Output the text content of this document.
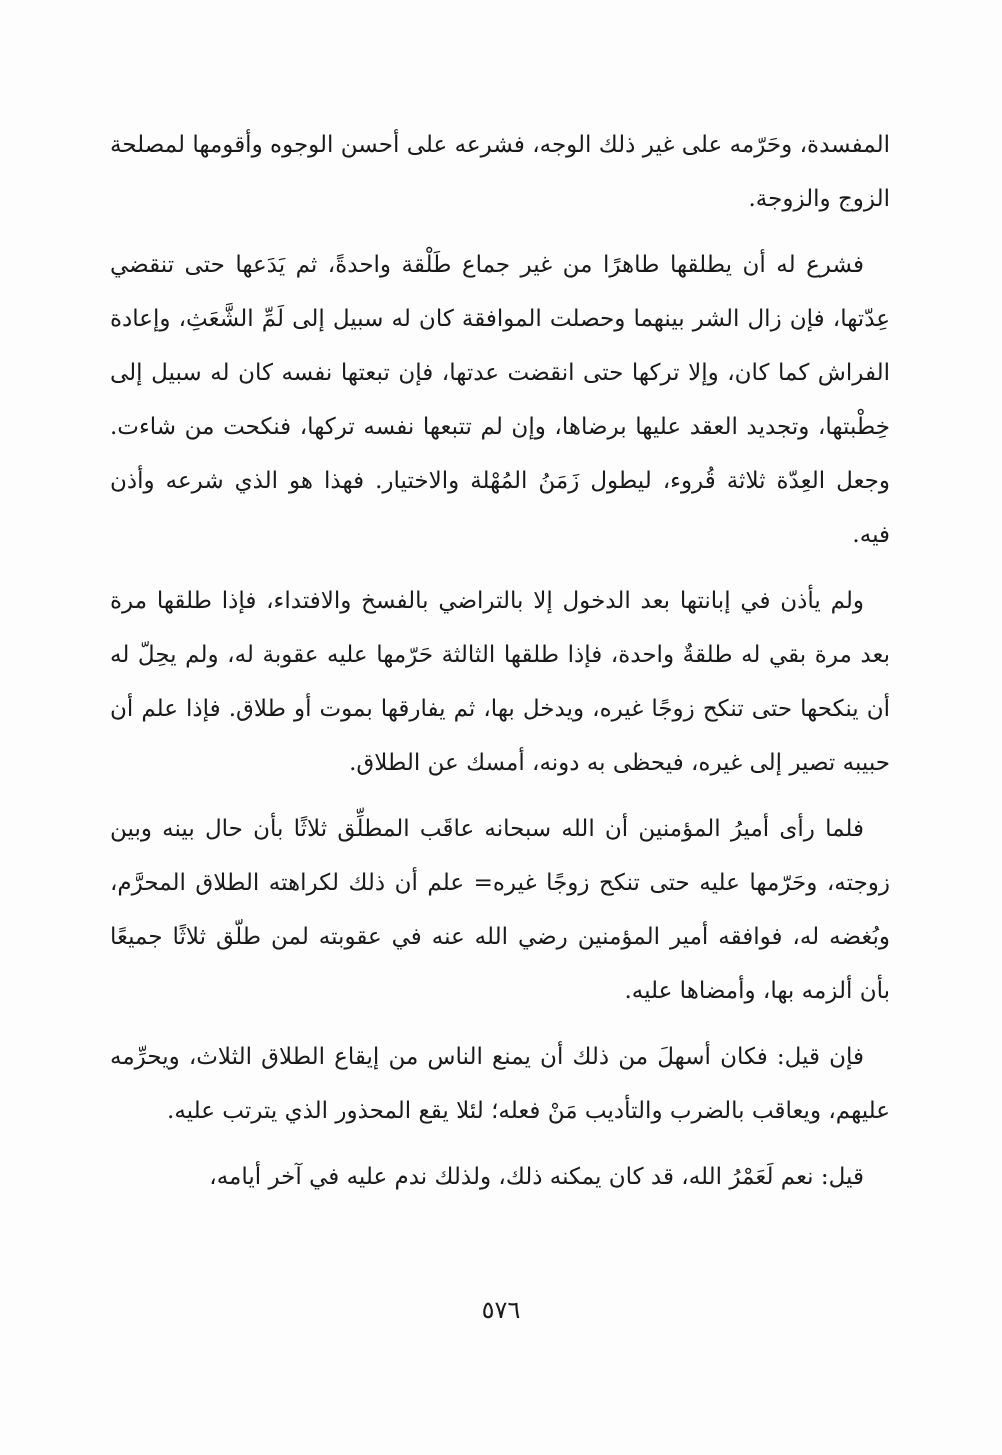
المفسدة، وحَرّمه على غير ذلك الوجه، فشرعه على أحسن الوجوه وأقومها لمصلحة الزوج والزوجة.

فشرع له أن يطلقها طاهرًا من غير جماع طَلْقة واحدةً، ثم يَدَعها حتى تنقضي عِدّتها، فإن زال الشر بينهما وحصلت الموافقة كان له سبيل إلى لَمِّ الشَّعَثِ، وإعادة الفراش كما كان، وإلا تركها حتى انقضت عدتها، فإن تبعتها نفسه كان له سبيل إلى خِطْبتها، وتجديد العقد عليها برضاها، وإن لم تتبعها نفسه تركها، فنكحت من شاءت. وجعل العِدّة ثلاثة قُروء، ليطول زَمَنُ المُهْلة والاختيار. فهذا هو الذي شرعه وأذن فيه.

ولم يأذن في إبانتها بعد الدخول إلا بالتراضي بالفسخ والافتداء، فإذا طلقها مرة بعد مرة بقي له طلقةٌ واحدة، فإذا طلقها الثالثة حَرّمها عليه عقوبة له، ولم يحِلّ له أن ينكحها حتى تنكح زوجًا غيره، ويدخل بها، ثم يفارقها بموت أو طلاق. فإذا علم أن حبيبه تصير إلى غيره، فيحظى به دونه، أمسك عن الطلاق.

فلما رأى أميرُ المؤمنين أن الله سبحانه عاقَب المطلِّق ثلاثًا بأن حال بينه وبين زوجته، وحَرّمها عليه حتى تنكح زوجًا غيره= علم أن ذلك لكراهته الطلاق المحرَّم، وبُغضه له، فوافقه أمير المؤمنين رضي الله عنه في عقوبته لمن طلّق ثلاثًا جميعًا بأن ألزمه بها، وأمضاها عليه.

فإن قيل: فكان أسهلَ من ذلك أن يمنع الناس من إيقاع الطلاق الثلاث، ويحرِّمه عليهم، ويعاقب بالضرب والتأديب مَنْ فعله؛ لئلا يقع المحذور الذي يترتب عليه.

قيل: نعم لَعَمْرُ الله، قد كان يمكنه ذلك، ولذلك ندم عليه في آخر أيامه،

٥٧٦
